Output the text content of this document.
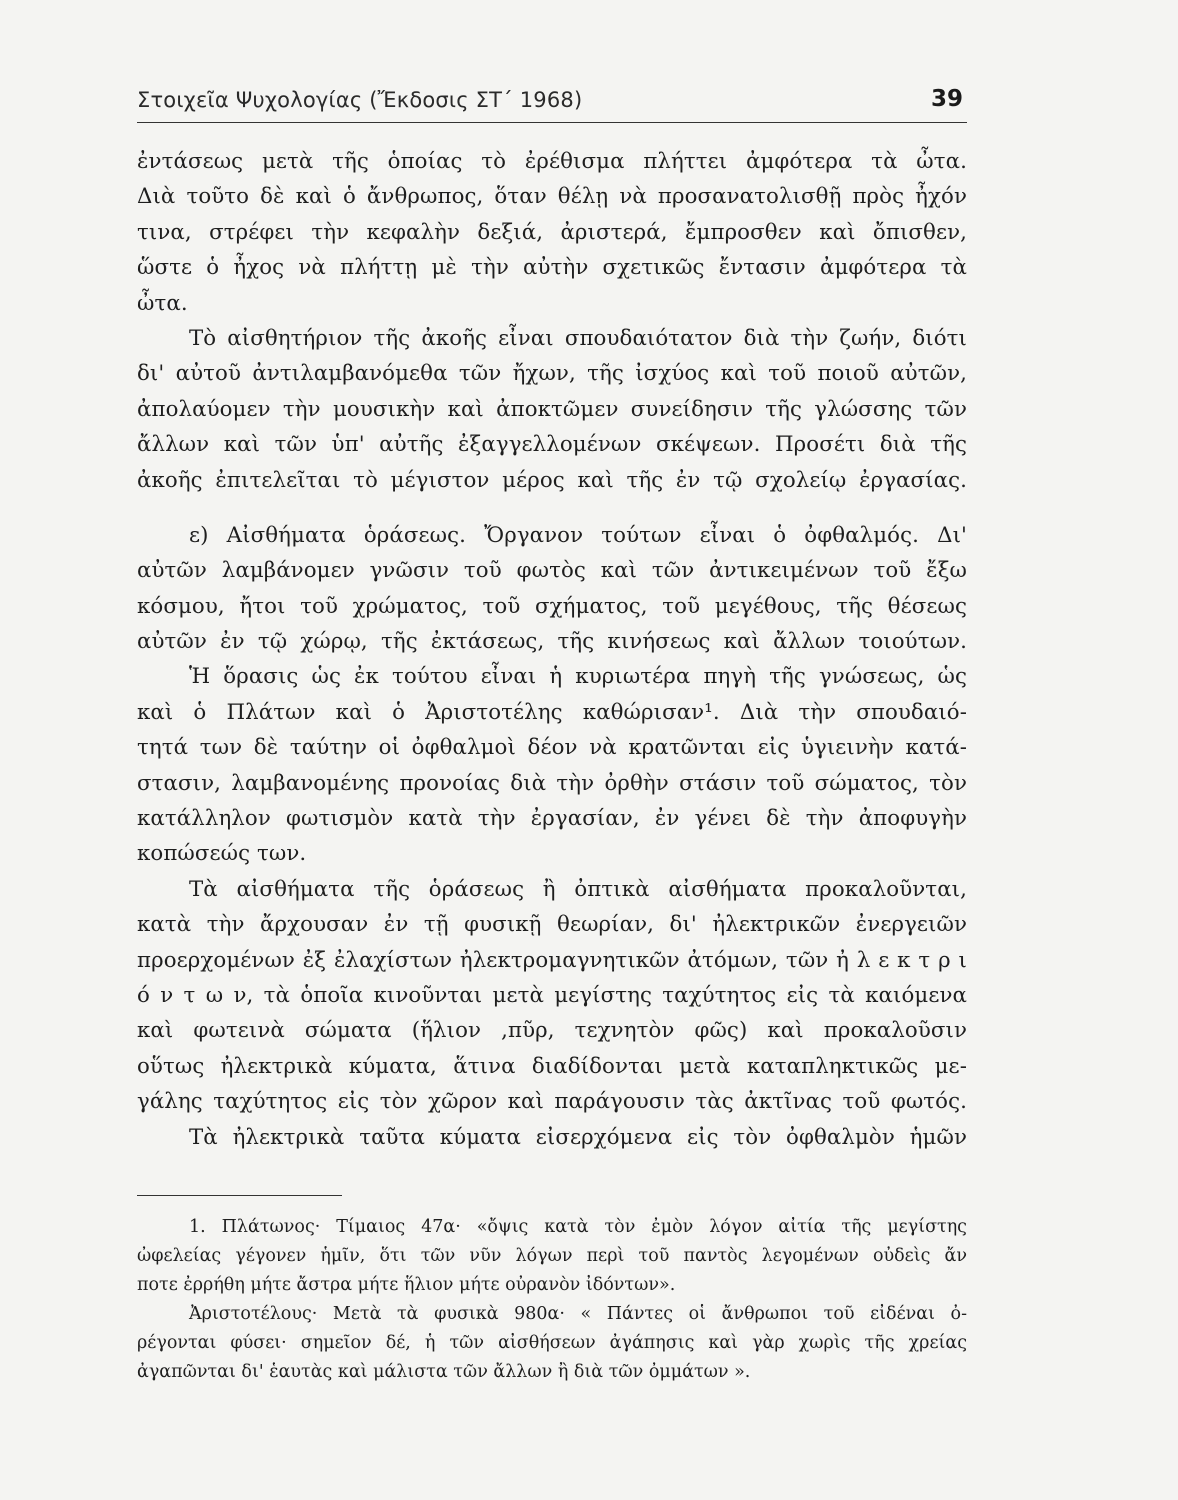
Στοιχεῖα Ψυχολογίας (Ἔκδοσις ΣΤ΄ 1968)	39
ἐντάσεως μετὰ τῆς ὁποίας τὸ ἐρέθισμα πλήττει ἀμφότερα τὰ ὦτα.
Διὰ τοῦτο δὲ καὶ ὁ ἄνθρωπος, ὅταν θέλῃ νὰ προσανατολισθῇ πρὸς ἦχόν
τινα, στρέφει τὴν κεφαλὴν δεξιά, ἀριστερά, ἔμπροσθεν καὶ ὄπισθεν,
ὥστε ὁ ἦχος νὰ πλήττῃ μὲ τὴν αὐτὴν σχετικῶς ἔντασιν ἀμφότερα τὰ
ὦτα.
Τὸ αἰσθητήριον τῆς ἀκοῆς εἶναι σπουδαιότατον διὰ τὴν ζωήν, διότι
δι' αὐτοῦ ἀντιλαμβανόμεθα τῶν ἤχων, τῆς ἰσχύος καὶ τοῦ ποιοῦ αὐτῶν,
ἀπολαύομεν τὴν μουσικὴν καὶ ἀποκτῶμεν συνείδησιν τῆς γλώσσης τῶν
ἄλλων καὶ τῶν ὑπ' αὐτῆς ἐξαγγελλομένων σκέψεων. Προσέτι διὰ τῆς
ἀκοῆς ἐπιτελεῖται τὸ μέγιστον μέρος καὶ τῆς ἐν τῷ σχολείῳ ἐργασίας.
ε) Αἰσθήματα ὁράσεως. Ὄργανον τούτων εἶναι ὁ ὀφθαλμός. Δι'
αὐτῶν λαμβάνομεν γνῶσιν τοῦ φωτὸς καὶ τῶν ἀντικειμένων τοῦ ἔξω
κόσμου, ἤτοι τοῦ χρώματος, τοῦ σχήματος, τοῦ μεγέθους, τῆς θέσεως
αὐτῶν ἐν τῷ χώρῳ, τῆς ἐκτάσεως, τῆς κινήσεως καὶ ἄλλων τοιούτων.
Ἡ ὅρασις ὡς ἐκ τούτου εἶναι ἡ κυριωτέρα πηγὴ τῆς γνώσεως, ὡς
καὶ ὁ Πλάτων καὶ ὁ Ἀριστοτέλης καθώρισαν¹. Διὰ τὴν σπουδαιό-
τητά των δὲ ταύτην οἱ ὀφθαλμοὶ δέον νὰ κρατῶνται εἰς ὑγιεινὴν κατά-
στασιν, λαμβανομένης προνοίας διὰ τὴν ὀρθὴν στάσιν τοῦ σώματος, τὸν
κατάλληλον φωτισμὸν κατὰ τὴν ἐργασίαν, ἐν γένει δὲ τὴν ἀποφυγὴν
κοπώσεώς των.
Τὰ αἰσθήματα τῆς ὁράσεως ἢ ὀπτικὰ αἰσθήματα προκαλοῦνται,
κατὰ τὴν ἄρχουσαν ἐν τῇ φυσικῇ θεωρίαν, δι' ἠλεκτρικῶν ἐνεργειῶν
προερχομένων ἐξ ἐλαχίστων ἠλεκτρομαγνητικῶν ἀτόμων, τῶν ἠ λ ε κ τ ρ ι
ό ν τ ω ν, τὰ ὁποῖα κινοῦνται μετὰ μεγίστης ταχύτητος εἰς τὰ καιόμενα
καὶ φωτεινὰ σώματα (ἥλιον ,πῦρ, τεχνητὸν φῶς) καὶ προκαλοῦσιν
οὕτως ἠλεκτρικὰ κύματα, ἅτινα διαδίδονται μετὰ καταπληκτικῶς με-
γάλης ταχύτητος εἰς τὸν χῶρον καὶ παράγουσιν τὰς ἀκτῖνας τοῦ φωτός.
Τὰ ἠλεκτρικὰ ταῦτα κύματα εἰσερχόμενα εἰς τὸν ὀφθαλμὸν ἡμῶν
1. Πλάτωνος· Τίμαιος 47α· «ὄψις κατὰ τὸν ἐμὸν λόγον αἰτία τῆς μεγίστης
ὠφελείας γέγονεν ἡμῖν, ὅτι τῶν νῦν λόγων περὶ τοῦ παντὸς λεγομένων οὐδεὶς ἄν
ποτε ἐρρήθη μήτε ἄστρα μήτε ἥλιον μήτε οὐρανὸν ἰδόντων».
Ἀριστοτέλους· Μετὰ τὰ φυσικὰ 980α· « Πάντες οἱ ἄνθρωποι τοῦ εἰδέναι ὀ-
ρέγονται φύσει· σημεῖον δέ, ἡ τῶν αἰσθήσεων ἀγάπησις καὶ γὰρ χωρὶς τῆς χρείας
ἀγαπῶνται δι' ἑαυτὰς καὶ μάλιστα τῶν ἄλλων ἢ διὰ τῶν ὀμμάτων ».
